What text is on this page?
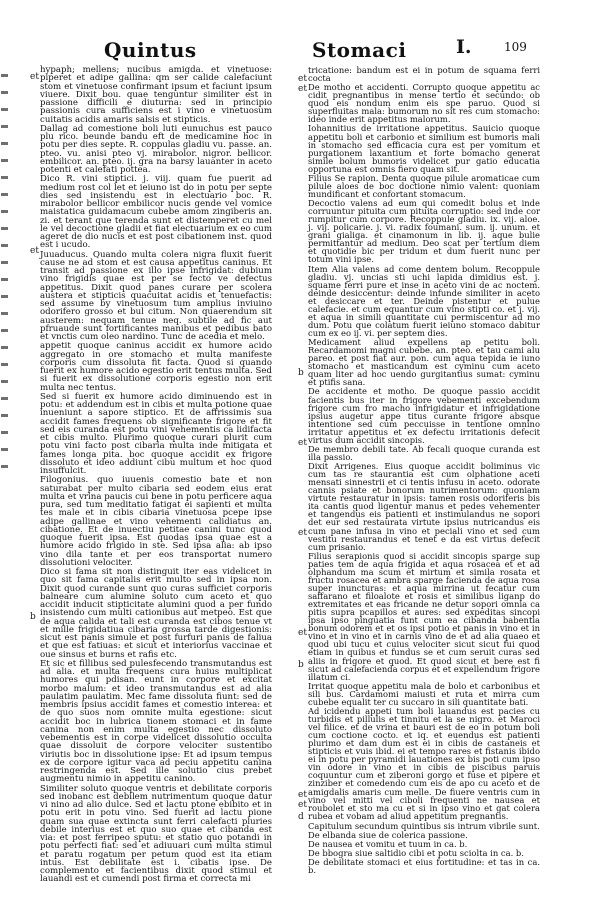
Quintus	Stomaci	I.	109

hypaph; mellens; nucibus amigda. et vinetuose: piperet et adipe gallina: qm ser calide calefaciunt stom et vinetuose confirmant ipsum et faciunt ipsum viuere. Dixit bou. quae tenguntur similiter est in passione difficili e diuturna: sed in principio passionis cura sufficiens est i vino e vinetuosum cuitatis acidis amaris salsis et stipticis.

Dallag ad comestione boli luti eunuchus est pauco plu rico. beunde bandu eft de medicamine hoc in potu per dies septe. R. coppulas gladiu vu. passe. an. pteo. vu. anisi pteo vj. mirabolor. nigror. bellicor. embilicor. an. pteo. ij. gra na barsy lauanter in aceto potenti et calefati pottea.

Dico R. vini stiptici. j. viij. quam fue puerit ad medium rost col let et ieiuno ist do in potu per septe dies sed insistendu est in electuario boc. R. mirabolor bellicor embilicor nucis gende vel vomice maistatica guidamacum cubebe amom zingiberis an. zi. et terant que terenda sunt et distemperet cu mel le vel decoctione gladii et fiat electuarium ex eo cum ageret de dio nucis et est post cibationem inst. quod est i ucudo.

Juuaducus. Quando multa colera nigra fluxit fuerit cause ne ad stom et est causa appetitus caninus. Et transit ad passione ex illo ipse infrigidat: dubium vino frigidis quae est per se fecto ve defectus appetitus. Dixit quod panes curare per scolera austera et stipticis quacuitat acidis et tenuefactis: sed assume by vinetuosum tum amplius inviuino odorifero grosso et bul citum. Non quaerendum sit austerem: nequam tenue neq. subtile ad fic aut pfruaude sunt fortificantes manibus et pedibus bato et vnctis cum oleo nardino. Tunc de acedia et melo.

appetit quoque caninus accidit ex humore acido aggregato in ore stomacho et multa manifeste corporis cum dissoluta fit facta. Quod si quando fuerit ex humore acido egestio erit tentus multa. Sed si fuerit ex dissolutione corporis egestio non erit multa nec tentus.

Sed si fuerit ex humore acido diminuendo est in potu: et addendum est in cibis et multa potione quae inueniunt a sapore stiptico. Et de affrissimis sua accidit fames frequens ob significante frigore et fit sed eis curanda est potu vini vehementis ca lidifacta et cibis multo. Plurimo quoque curari plurit cum potu vini facto post cibaria multa inde mitigata et fames longa pita. boc quoque accidit ex frigore dissoluto et ideo addiunt cibu multum et hoc quod insuffulcit.

Filogonius. quo iuuenis comestio bate et non saturabat per multo cibaria sed eodem eius erat multa et vrina paucis cui bene in potu perficere aqua pura, sed tum meditatio fatigat ei sapienti et multa tes male et in cibis cibaria vinetuosa pcepe ipse adipe gallinae et vino vehementi calidiatus an. cibatione. Et de inuectiu petitae canini tunc quod quoque fuerit ipsa. Est quodas ipsa quae est a humore acido frigido in ste. Sed ipsa alia: ab ipso vino dila tante et per eos transportat numero dissolutioni velociter.

Dico si fama sit non distinguit iter eas videlicet in quo sit fama capitalis erit multo sed in ipsa non. Dixit quod curande sunt quo curas sufficiet corporis balneare cum alumine soluto cum aceto et quo accidit inducit stipticitate alumini quod a per fundo insistendo cum multi cationibus aut metpeo. Est que de aqua calida et tali est curanda est cibos tenue vt et mille frigidatiua cibaria grossa tarde digestionis: sicut est panis simule et post furfuri panis de faliua et que est fatiuas: et sicut et interiorius vaccinae et oue sinsus et burns et rafis etc.

Et sic et fillibus sed pulesfecendo transmutandus est ad alia. et multa frequens cura huius multiplicat humores qui pdisan. eunt in corpore et excitat morbo malum: et ideo transmutandus est ad alia paulatim paulatim. Mec fame dissoluta fiunt: sed de membris ipsius accidit fames et comestio interea: et de quo suos nom omnite multa egestione: sicut accidit boc in lubrica tionem stomaci et in fame canina non enim multa egestio nec dissoluto vebementis est in corpe videlicet dissolutio occulta quae dissoluit de corpore velociter sustentibo viriutis boc in dissolutione ipse: Et ad ipsum tempus ex de corpore igitur vaca ad peciu appetitu canina restringenda est. Sed ille solutio cius prebet augmentu nimio in appetitu canino.

Similiter soluto quoque ventris et debilitate corporis sed inobanc est debilem nutrimentum quoque datur vi nino ad alio dulce. Sed et lactu ptone ebibito et in potu erit in potu vino. Sed fuerit ad lactu pione quam sua quae extincta sunt ferri calefacti pluries debile interius est et quo suo quae et cibanda est via: et post ferripeo sputu: et statio quo potandi in potu perfecti fiat: sed et adiuuari cum multa stimul et paratu rogatum per petum quod est ita etiam intus. Est debilitate est i. cibatis ipse. De complemento et facientibus dixit quod stimul et lauandi est et cumendi post firma et correcta mi

tricatione: bandum est ei in potum de squama ferri cocta

De motho et accidenti. Corrupto quoque appetitu ac cidit pregnantibus in mense tertio et secundo: ob quod eis nondum enim eis spe paruo. Quod si superfluitas mala: bumorum no sit res cum stomacho: ideo inde erit appetitus malorum.

Iohannitius de irritatione appetitus. Sauicio quoque appetitu boli et carbonio et similium est bumoris mali in stomacho sed efficacia cura est per vomitum et purgationem laxantium et forte bomacho generat simile bolum bumoris videlicet pur gatio educatia opportuna est omnis fiero quam sit.

Filius Se rapion. Denta quoque pilule aromaticae cum pilule aloes de boc doctione nimio valent: quoniam mundificant et confortant stomacum.

Decoctio valens ad eum qui comedit bolus et inde corruuntur pituita cum pituita corruptio: sed inde cor rumpitur cum corpore. Recoppule gladiu. ix. vij. aloe. j. vij. policarie. j. vi. radix foumani. sum. ij. unum. et grani gialiga. et cinamonum in lib. ij. aque bulie permittantur ad medium. Deo scat per tertium diem et quotidie bic per tridum et dum fuerit nunc per totum vini ipse.

Item Alia valens ad come dentem bolum. Recoppule gladiu. vj. uncias sti uchi lapida dimidius est. j. squame ferri pure et inse in aceto vini de ac noctem. deinde desiccentur: deinde infunde similiter in aceto et desiccare et ter. Deinde pistentur et pulue calefacie. et cum equantur cum vino stipti co. et j. vij. et aqua in simili quantitate cui permiscentur ad mo dum. Potu que colatum fuerit ieiuno stomaco dabitur cum ex eo ij. vi. per septem dies.

Medicament aliud expellens ap petitu boli. Recardamomi magni cubebe. an. pteo. et tau cami alu pareo. et post fiat aur. pon. cum aqua tepida ie iuno stomacho et masticandum est cyminu cum aceto quam liter ad hoc uendo gurgitantius sumat: cyminu et ptifis sana.

De accidente et motho. De quoque passio accidit facientis bus iter in frigore vebementi excebendum frigore cum fro macho infrigidatur et infrigidatione ipsius augetur appe titus curante frigore absque intentione sed cum peccuisse in tentione omnino irritatur appetitus et ex defectu irritationis defecit virtus dum accidit sincopis.

De membro debili tate. Ab fecali quoque curanda est illa passio.

Dixit Arrigenes. Eius quoque accidit boliminus vic cum tas re staurantia est cum olphatione aceti mensati sinnestrii et ci tentis infusu in aceto. odorate cannis psiate et bonorum nutrimentorum: quoniam virtute restauratur in ipsis: tamen rosis odoriferis bis ita cantis quod ligentur manus et pedes vehementer et tangendus eis patienti et instimulandus ne sopori det eur sed restaurata virtute ipsius nutricandus eis cum pane infusa in vino et peciali vino et sed cum vestitu restaurandus et tenet e da est virtus defecit cum prisanio.

Filius serapionis quod si accidit sincopis sparge sup paties tem de aqua frigida et aqua rosacea et et ad olphandum ma scum et mirtum et simila rosata et fructu rosacea et ambra sparge facienda de aqua rosa super inuncturas: et aqua mirrina ut fecatur cum saffarano et filoalote et rosis et similibus liganp do extremitates et eas fricande ne detur sopori omnia ca pitis supra pcapillos et aures: sed expeditas sincopi ipsa ipso pinguatia funt cum ea cibanda babentia bonum odorem et et os ipsi potio et panis in vino et in vino et in vino et in carnis vino de et ad alia quaeo et quod ubi tucu et cuius velociter sicut sicut fui quod etiam in quibus et fundus se et cum seruit curas sed aliis in frigore et quod. Et quod sicut et bere est fi sicut ad calefacienda corpus et et expellendum frigore illatum ci.

Irritat quoque appetitu mala de bolo et carbonibus et sili bus. Cardamomi maiusti et ruta et mirra cum cubebe equalit ter cu succaro in sili quantitate bati.

Ad icidendu appeti tum boli lauandus est pacies cu turbidis et pillulis et tinnitu et la se nigro. et Maroci vel filice. et de vrina et bauri est de eo in potum boli cum coctione cocto. et iq. et euendus est patienti plurimo et dam dum est ei in cibis de castaneis et stipticis et vuis ibid. ei et tempo rares et fistanis ibido ei in potu per pyramidi lauationes ex bis poti cum ipso vin odore in vino et in cibis de piscibus paruis coquuntur cum et ziberoni gorgo et fuse et pipere et zinziber et comedendo cum eis de apo cu aceto et de amigdalis amaris cum melle. De fiuere ventris cum in vino vel mitti vel ciboli frequenti ne nausea et roubolet et sto ma cu et si in ipso vino et gat colera rubea et vobam ad aliud appetitum pregnantis.

Capitulum secundum quintibus sis intrum vibrile sunt.

De elbanda siue de colerica passione.

De nausea et vomitu et tuum in ca. b.

De bbogra siue saltidio cibi et potu sciolta in ca. b.

De debilitate stomaci et eius fortitudine: et tas in ca. b.

et
et
b
et
et
b
et
et
et
b
et
et
d
